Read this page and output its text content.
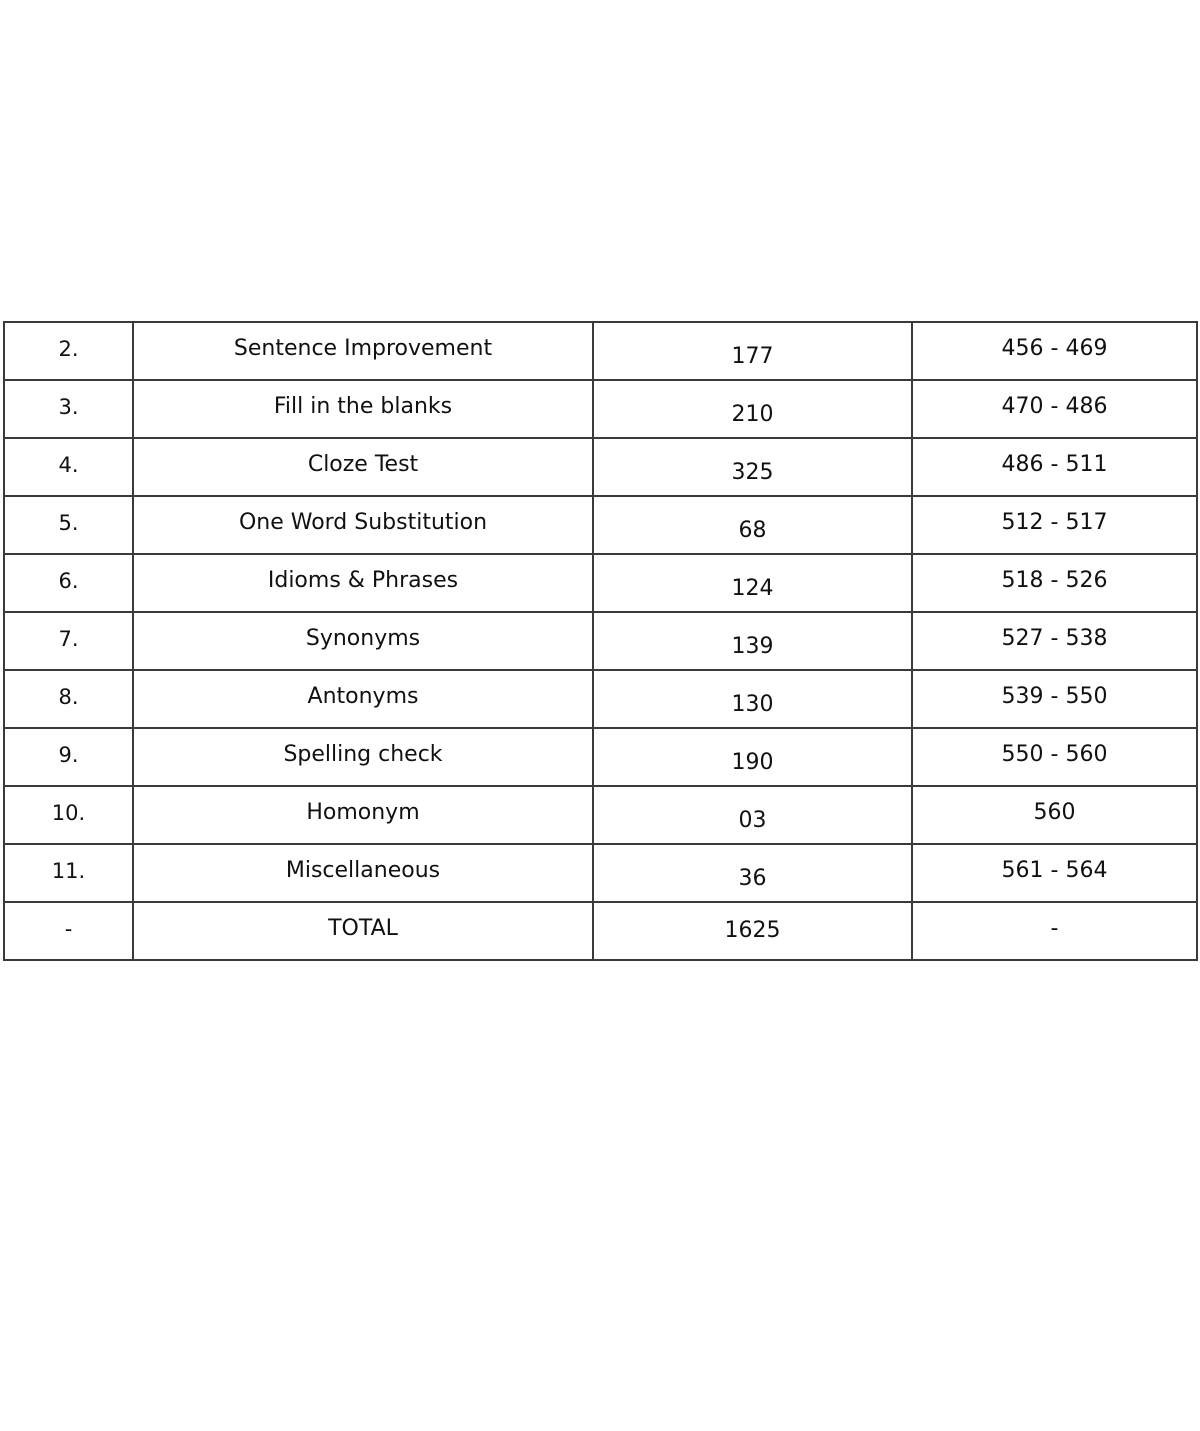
2.	Sentence Improvement	177	456 - 469
3.	Fill in the blanks	210	470 - 486
4.	Cloze Test	325	486 - 511
5.	One Word Substitution	68	512 - 517
6.	Idioms & Phrases	124	518 - 526
7.	Synonyms	139	527 - 538
8.	Antonyms	130	539 - 550
9.	Spelling check	190	550 - 560
10.	Homonym	03	560
11.	Miscellaneous	36	561 - 564
-	TOTAL	1625	-
